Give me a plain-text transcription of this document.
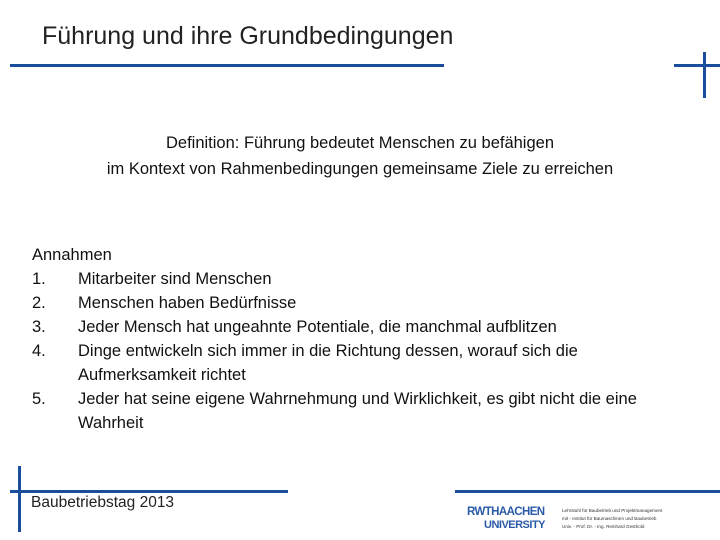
Führung und ihre Grundbedingungen
Definition: Führung bedeutet Menschen zu befähigen
im Kontext von Rahmenbedingungen gemeinsame Ziele zu erreichen
Annahmen
1.	Mitarbeiter sind Menschen
2.	Menschen haben Bedürfnisse
3.	Jeder Mensch hat ungeahnte Potentiale, die manchmal aufblitzen
4.	Dinge entwickeln sich immer in die Richtung dessen, worauf sich die Aufmerksamkeit richtet
5.	Jeder hat seine eigene Wahrnehmung und Wirklichkeit, es gibt nicht die eine Wahrheit
Baubetriebstag 2013
RWTHAACHEN
UNIVERSITY
Lehrstuhl für Baubetrieb und Projektmanagement
mit - Institut für Baumaschinen und Baubetrieb
Univ. - Prof. Dr. - Ing. Reinhard Gesthold
